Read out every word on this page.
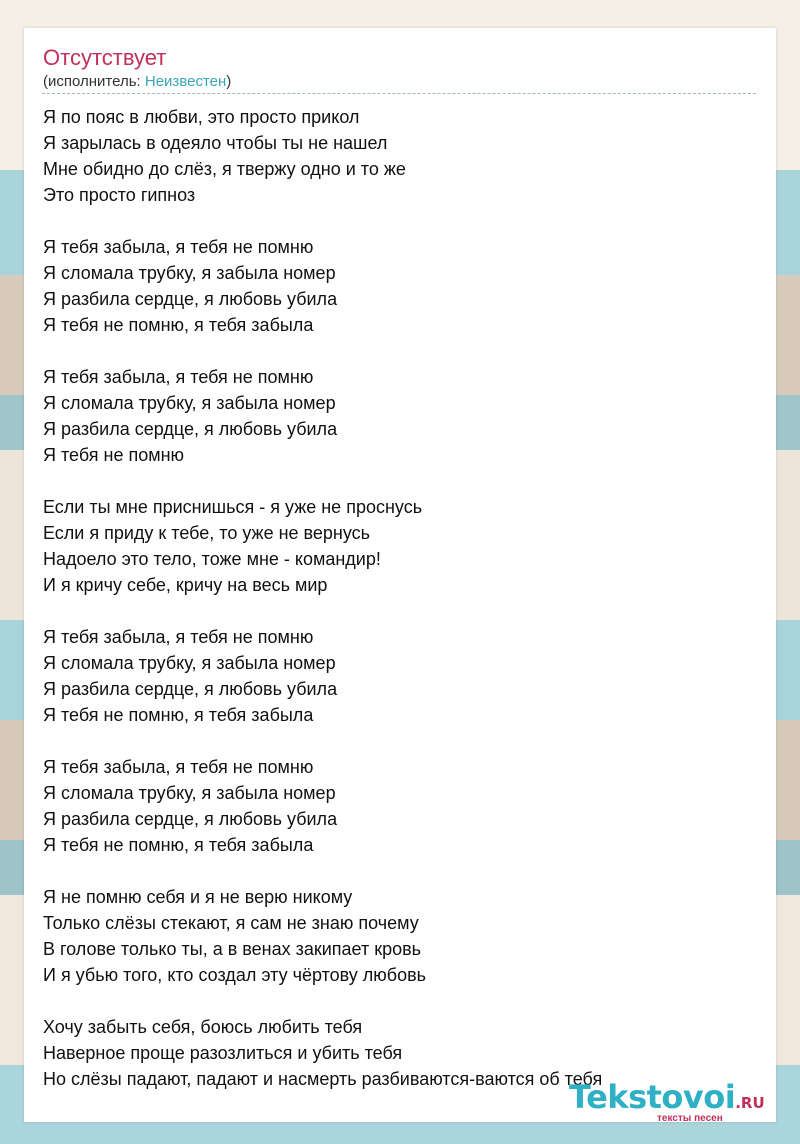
Отсутствует
(исполнитель: Неизвестен)
Я по пояс в любви, это просто прикол
Я зарылась в одеяло чтобы ты не нашел
Мне обидно до слёз, я твержу одно и то же
Это просто гипноз
Я тебя забыла, я тебя не помню
Я сломала трубку, я забыла номер
Я разбила сердце, я любовь убила
Я тебя не помню, я тебя забыла
Я тебя забыла, я тебя не помню
Я сломала трубку, я забыла номер
Я разбила сердце, я любовь убила
Я тебя не помню
Если ты мне приснишься - я уже не проснусь
Если я приду к тебе, то уже не вернусь
Надоело это тело, тоже мне - командир!
И я кричу себе, кричу на весь мир
Я тебя забыла, я тебя не помню
Я сломала трубку, я забыла номер
Я разбила сердце, я любовь убила
Я тебя не помню, я тебя забыла
Я тебя забыла, я тебя не помню
Я сломала трубку, я забыла номер
Я разбила сердце, я любовь убила
Я тебя не помню, я тебя забыла
Я не помню себя и я не верю никому
Только слёзы стекают, я сам не знаю почему
В голове только ты, а в венах закипает кровь
И я убью того, кто создал эту чёртову любовь
Хочу забыть себя, боюсь любить тебя
Наверное проще разозлиться и убить тебя
Но слёзы падают, падают и насмерть разбиваются-ваются об тебя
Tekstovoi.RU
тексты песен
